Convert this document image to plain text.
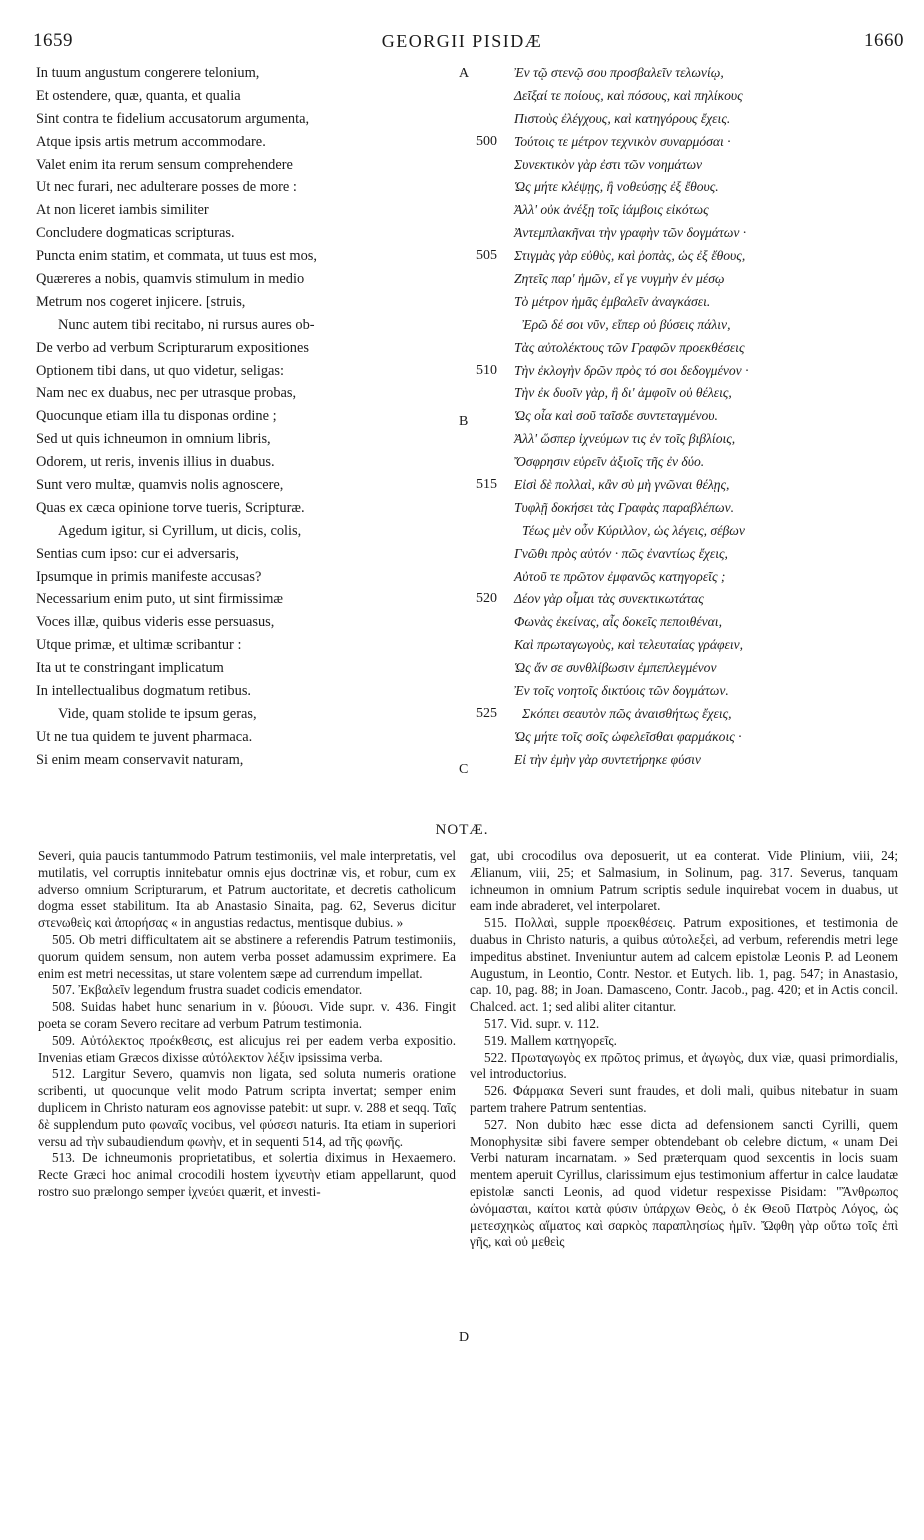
1659	GEORGII PISIDÆ	1660
In tuum angustum congerere telonium,
Et ostendere, quæ, quanta, et qualia
Sint contra te fidelium accusatorum argumenta,
Atque ipsis artis metrum accommodare.
Valet enim ita rerum sensum comprehendere
Ut nec furari, nec adulterare posses de more :
At non liceret iambis similiter
Concludere dogmaticas scripturas.
Puncta enim statim, et commata, ut tuus est mos,
Quæreres a nobis, quamvis stimulum in medio
Metrum nos cogeret injicere. [struis,
Nunc autem tibi recitabo, ni rursus aures ob-
De verbo ad verbum Scripturarum expositiones
Optionem tibi dans, ut quo videtur, seligas:
Nam nec ex duabus, nec per utrasque probas,
Quocunque etiam illa tu disponas ordine ;
Sed ut quis ichneumon in omnium libris,
Odorem, ut reris, invenis illius in duabus.
Sunt vero multæ, quamvis nolis agnoscere,
Quas ex cæca opinione torve tueris, Scripturæ.
Agedum igitur, si Cyrillum, ut dicis, colis,
Sentias cum ipso: cur ei adversaris,
Ipsumque in primis manifeste accusas?
Necessarium enim puto, ut sint firmissimæ
Voces illæ, quibus videris esse persuasus,
Utque primæ, et ultimæ scribantur :
Ita ut te constringant implicatum
In intellectualibus dogmatum retibus.
Vide, quam stolide te ipsum geras,
Ut ne tua quidem te juvent pharmaca.
Si enim meam conservavit naturam,
Ἐν τῷ στενῷ σου προσβαλεῖν τελωνίῳ,
Δεῖξαί τε ποίους, καὶ πόσους, καὶ πηλίκους
Πιστοὺς ἐλέγχους, καὶ κατηγόρους ἔχεις.
500 Τούτοις τε μέτρον τεχνικὸν συναρμόσαι ·
Συνεκτικὸν γὰρ ἐστι τῶν νοημάτων
Ὡς μήτε κλέψῃς, ἢ νοθεύσῃς ἐξ ἔθους.
Ἀλλ' οὐκ ἀνέξῃ τοῖς ἰάμβοις εἰκότως
Ἀντεμπλακῆναι τὴν γραφὴν τῶν δογμάτων ·
505 Στιγμὰς γὰρ εὐθὺς, καὶ ῥοπὰς, ὡς ἐξ ἔθους,
Ζητεῖς παρ' ἡμῶν, εἴ γε νυγμὴν ἐν μέσῳ
Τὸ μέτρον ἡμᾶς ἐμβαλεῖν ἀναγκάσει.
Ἐρῶ δέ σοι νῦν, εἴπερ οὐ βύσεις πάλιν,
Τὰς αὐτολέκτους τῶν Γραφῶν προεκθέσεις
510 Τὴν ἐκλογὴν δρῶν πρὸς τό σοι δεδογμένον ·
Τὴν ἐκ δυοῖν γὰρ, ἢ δι' ἀμφοῖν οὐ θέλεις,
Ὡς οἷα καὶ σοῦ ταῖσδε συντεταγμένου.
Ἀλλ' ὥσπερ ἰχνεύμων τις ἐν τοῖς βιβλίοις,
Ὄσφρησιν εὑρεῖν ἀξιοῖς τῆς ἐν δύο.
515 Εἰσὶ δὲ πολλαὶ, κἂν σὺ μὴ γνῶναι θέλῃς,
Τυφλῇ δοκήσει τὰς Γραφὰς παραβλέπων.
Τέως μὲν οὖν Κύριλλον, ὡς λέγεις, σέβων
Γνῶθι πρὸς αὐτόν · πῶς ἐναντίως ἔχεις,
Αὐτοῦ τε πρῶτον ἐμφανῶς κατηγορεῖς ;
520 Δέον γὰρ οἶμαι τὰς συνεκτικωτάτας
Φωνὰς ἐκείνας, αἷς δοκεῖς πεποιθέναι,
Καὶ πρωταγωγοὺς, καὶ τελευταίας γράφειν,
Ὡς ἄν σε συνθλίβωσιν ἐμπεπλεγμένον
Ἐν τοῖς νοητοῖς δικτύοις τῶν δογμάτων.
525 Σκόπει σεαυτὸν πῶς ἀναισθήτως ἔχεις,
Ὡς μήτε τοῖς σοῖς ὠφελεῖσθαι φαρμάκοις ·
Εἰ τὴν ἐμὴν γὰρ συντετήρηκε φύσιν
A
B
C
D
NOTÆ.

Severi, quia paucis tantummodo Patrum testimoniis, vel male interpretatis, vel mutilatis, vel corruptis innitebatur omnis ejus doctrinæ vis, et robur, cum ex adverso omnium Scripturarum, et Patrum auctoritate, et decretis catholicum dogma esset stabilitum. Ita ab Anastasio Sinaita, pag. 62, Severus dicitur στενωθεὶς καὶ ἀπορήσας « in angustias redactus, mentisque dubius. »

505. Ob metri difficultatem ait se abstinere a referendis Patrum testimoniis, quorum quidem sensum, non autem verba posset adamussim exprimere. Ea enim est metri necessitas, ut stare volentem sæpe ad currendum impellat.

507. Ἐκβαλεῖν legendum frustra suadet codicis emendator.

508. Suidas habet hunc senarium in v. βύουσι. Vide supr. v. 436. Fingit poeta se coram Severo recitare ad verbum Patrum testimonia.

509. Αὐτόλεκτος προέκθεσις, est alicujus rei per eadem verba expositio. Invenias etiam Græcos dixisse αὐτόλεκτον λέξιν ipsissima verba.

512. Largitur Severo, quamvis non ligata, sed soluta numeris oratione scribenti, ut quocunque velit modo Patrum scripta invertat; semper enim duplicem in Christo naturam eos agnovisse patebit: ut supr. v. 288 et seqq. Ταῖς δὲ supplendum puto φωναῖς vocibus, vel φύσεσι naturis. Ita etiam in superiori versu ad τὴν subaudiendum φωνὴν, et in sequenti 514, ad τῆς φωνῆς.

513. De ichneumonis proprietatibus, et solertia diximus in Hexaemero. Recte Græci hoc animal crocodili hostem ἰχνευτὴν etiam appellarunt, quod rostro suo prælongo semper ἰχνεύει quærit, et investi-

gat, ubi crocodilus ova deposuerit, ut ea conterat. Vide Plinium, viii, 24; Ælianum, viii, 25; et Salmasium, in Solinum, pag. 317. Severus, tanquam ichneumon in omnium Patrum scriptis sedule inquirebat vocem in duabus, ut eam inde abraderet, vel interpolaret.

515. Πολλαὶ, supple προεκθέσεις. Patrum expositiones, et testimonia de duabus in Christo naturis, a quibus αὐτολεξεὶ, ad verbum, referendis metri lege impeditus abstinet. Inveniuntur autem ad calcem epistolæ Leonis P. ad Leonem Augustum, in Leontio, Contr. Nestor. et Eutych. lib. 1, pag. 547; in Anastasio, cap. 10, pag. 88; in Joan. Damasceno, Contr. Jacob., pag. 420; et in Actis concil. Chalced. act. 1; sed alibi aliter citantur.

517. Vid. supr. v. 112.

519. Mallem κατηγορεῖς.

522. Πρωταγωγὸς ex πρῶτος primus, et ἀγωγὸς, dux viæ, quasi primordialis, vel introductorius.

526. Φάρμακα Severi sunt fraudes, et doli mali, quibus nitebatur in suam partem trahere Patrum sententias.

527. Non dubito hæc esse dicta ad defensionem sancti Cyrilli, quem Monophysitæ sibi favere semper obtendebant ob celebre dictum, « unam Dei Verbi naturam incarnatam. » Sed præterquam quod sexcentis in locis suam mentem aperuit Cyrillus, clarissimum ejus testimonium affertur in calce laudatæ epistolæ sancti Leonis, ad quod videtur respexisse Pisidam: "Ἄνθρωπος ὠνόμασται, καίτοι κατὰ φύσιν ὑπάρχων Θεὸς, ὁ ἐκ Θεοῦ Πατρὸς Λόγος, ὡς μετεσχηκὼς αἵματος καὶ σαρκὸς παραπλησίως ἡμῖν. Ὤφθη γὰρ οὕτω τοῖς ἐπὶ γῆς, καὶ οὐ μεθεὶς
